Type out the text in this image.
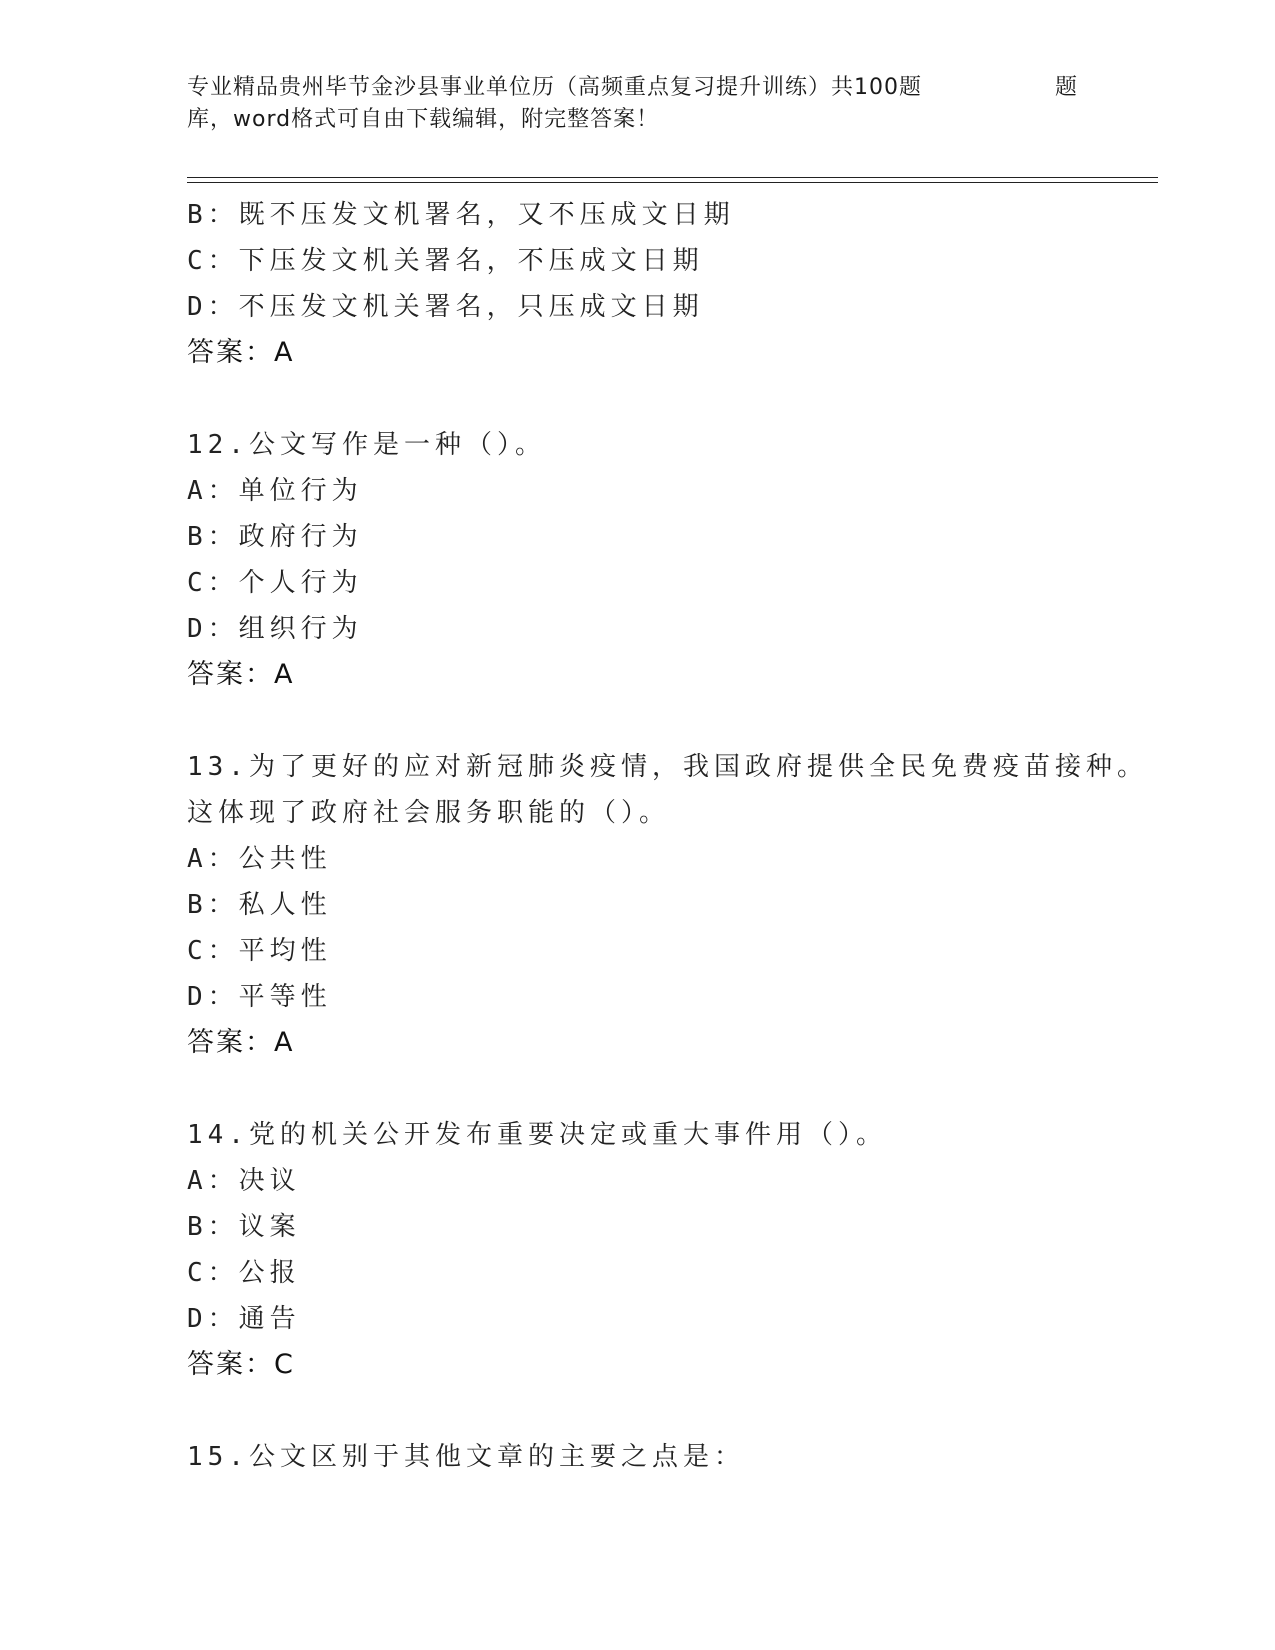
专业精品贵州毕节金沙县事业单位历（高频重点复习提升训练）共100题	题
库，word格式可自由下载编辑，附完整答案！
B：既不压发文机署名，又不压成文日期
C：下压发文机关署名，不压成文日期
D：不压发文机关署名，只压成文日期
答案：A
12.公文写作是一种（）。
A：单位行为
B：政府行为
C：个人行为
D：组织行为
答案：A
13.为了更好的应对新冠肺炎疫情，我国政府提供全民免费疫苗接种。
这体现了政府社会服务职能的（）。
A：公共性
B：私人性
C：平均性
D：平等性
答案：A
14.党的机关公开发布重要决定或重大事件用（）。
A：决议
B：议案
C：公报
D：通告
答案：C
15.公文区别于其他文章的主要之点是：
